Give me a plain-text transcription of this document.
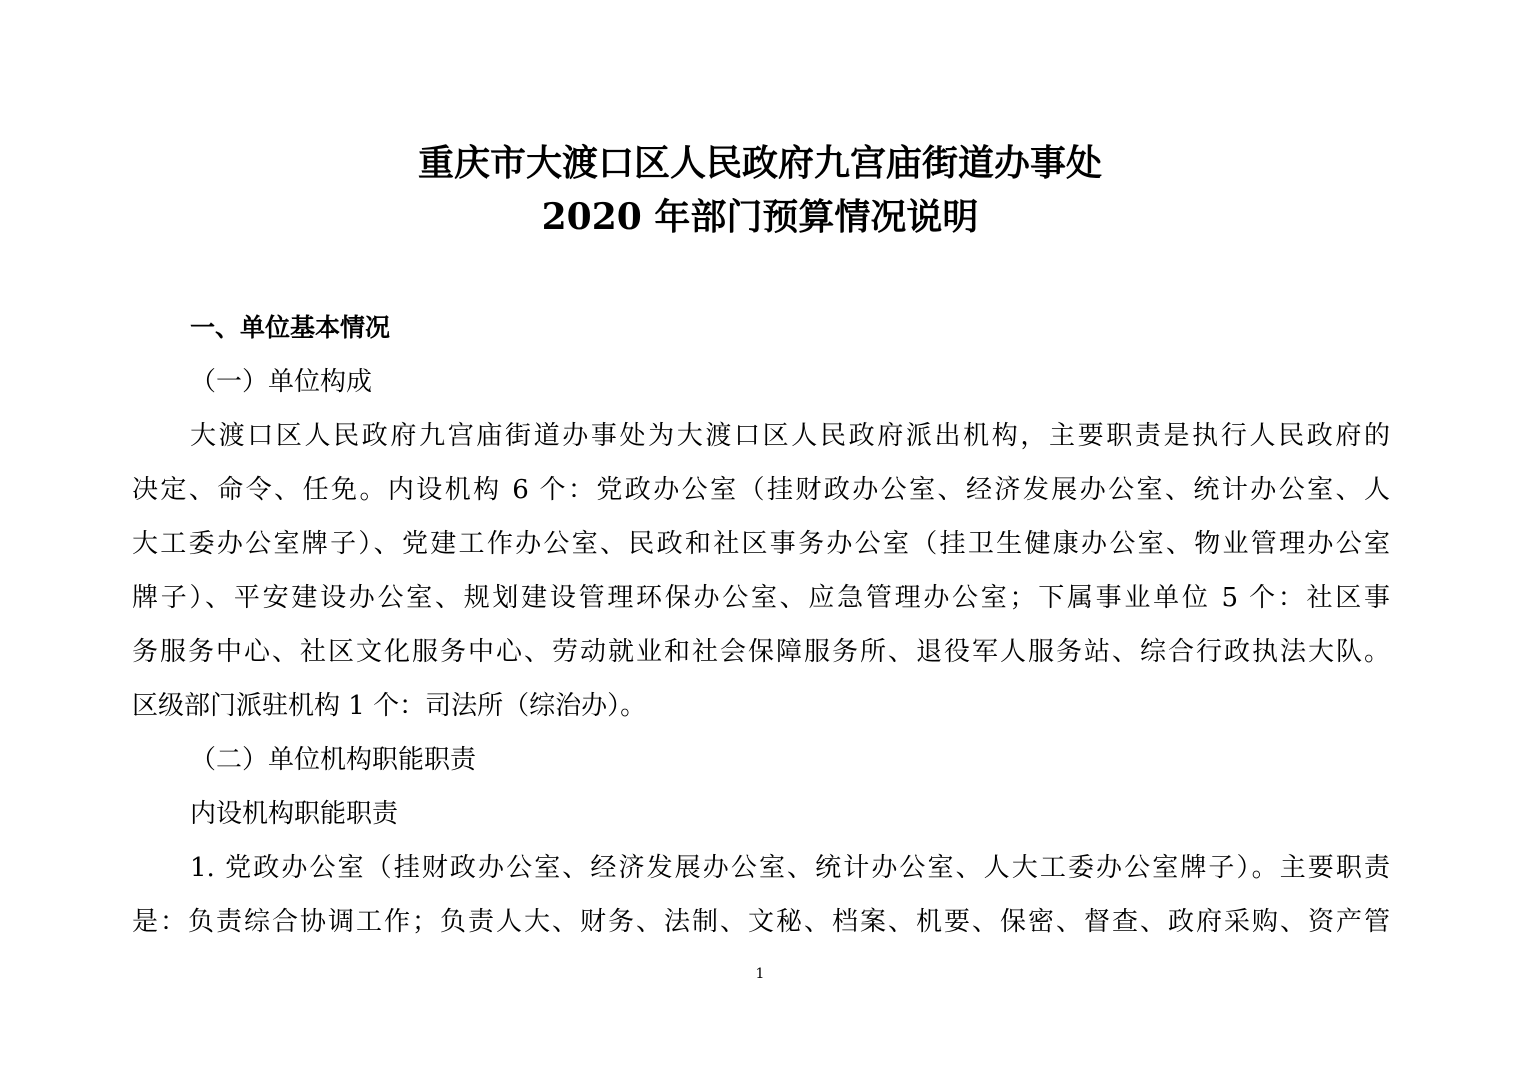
重庆市大渡口区人民政府九宫庙街道办事处
2020 年部门预算情况说明
一、单位基本情况
（一）单位构成
大渡口区人民政府九宫庙街道办事处为大渡口区人民政府派出机构，主要职责是执行人民政府的
决定、命令、任免。内设机构 6 个：党政办公室（挂财政办公室、经济发展办公室、统计办公室、人
大工委办公室牌子）、党建工作办公室、民政和社区事务办公室（挂卫生健康办公室、物业管理办公室
牌子）、平安建设办公室、规划建设管理环保办公室、应急管理办公室；下属事业单位 5 个：社区事
务服务中心、社区文化服务中心、劳动就业和社会保障服务所、退役军人服务站、综合行政执法大队。
区级部门派驻机构 1 个：司法所（综治办）。
（二）单位机构职能职责
内设机构职能职责
1. 党政办公室（挂财政办公室、经济发展办公室、统计办公室、人大工委办公室牌子）。主要职责
是：负责综合协调工作；负责人大、财务、法制、文秘、档案、机要、保密、督查、政府采购、资产管
1
